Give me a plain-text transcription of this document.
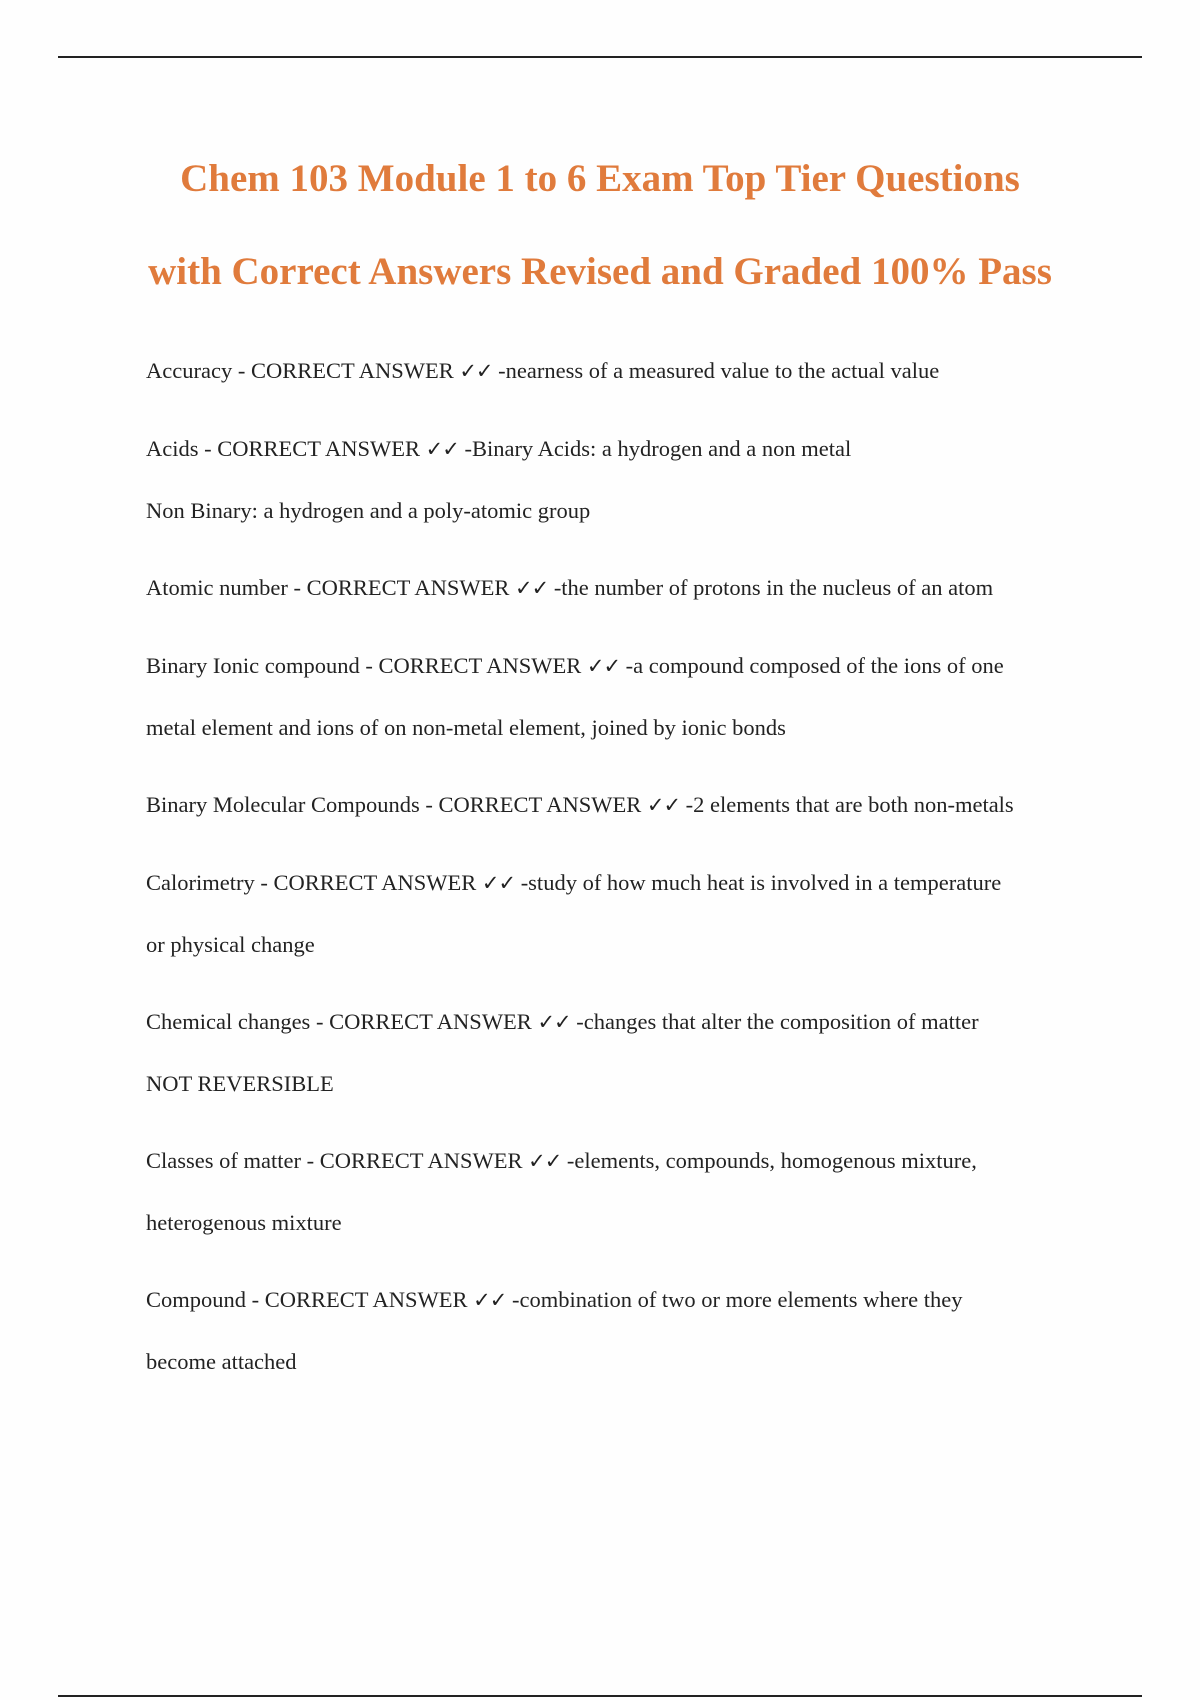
Chem 103 Module 1 to 6 Exam Top Tier Questions
with Correct Answers Revised and Graded 100% Pass

Accuracy - CORRECT ANSWER ✓✓ -nearness of a measured value to the actual value

Acids - CORRECT ANSWER ✓✓ -Binary Acids: a hydrogen and a non metal
Non Binary: a hydrogen and a poly-atomic group

Atomic number - CORRECT ANSWER ✓✓ -the number of protons in the nucleus of an atom

Binary Ionic compound - CORRECT ANSWER ✓✓ -a compound composed of the ions of one
metal element and ions of on non-metal element, joined by ionic bonds

Binary Molecular Compounds - CORRECT ANSWER ✓✓ -2 elements that are both non-metals

Calorimetry - CORRECT ANSWER ✓✓ -study of how much heat is involved in a temperature
or physical change

Chemical changes - CORRECT ANSWER ✓✓ -changes that alter the composition of matter
NOT REVERSIBLE

Classes of matter - CORRECT ANSWER ✓✓ -elements, compounds, homogenous mixture,
heterogenous mixture

Compound - CORRECT ANSWER ✓✓ -combination of two or more elements where they
become attached
